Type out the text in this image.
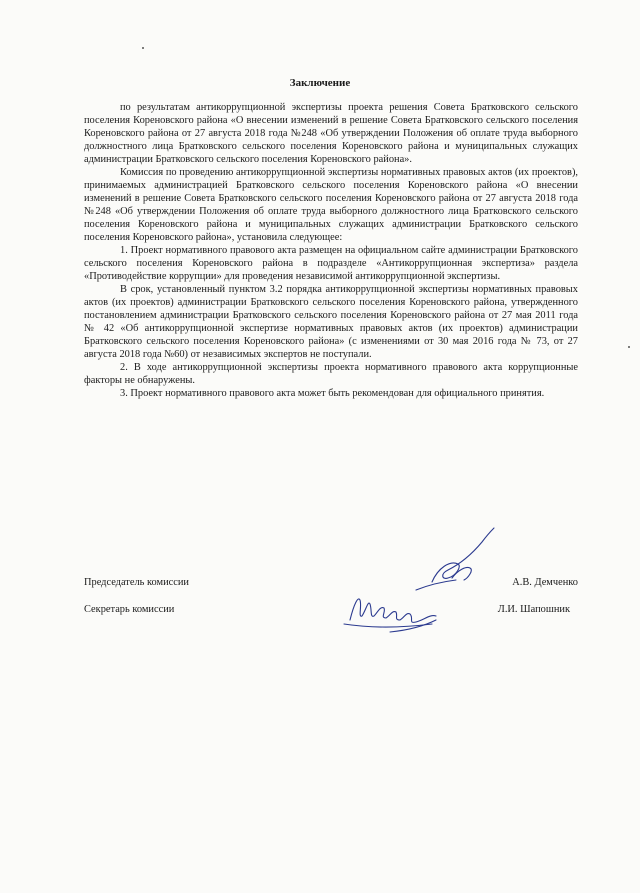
Заключение

по результатам антикоррупционной экспертизы проекта решения Совета Братковского сельского поселения Кореновского района «О внесении изменений в решение Совета Братковского сельского поселения Кореновского района от 27 августа 2018 года №248 «Об утверждении Положения об оплате труда выборного должностного лица Братковского сельского поселения Кореновского района и муниципальных служащих администрации Братковского сельского поселения Кореновского района».

Комиссия по проведению антикоррупционной экспертизы нормативных правовых актов (их проектов), принимаемых администрацией Братковского сельского поселения Кореновского района «О внесении изменений в решение Совета Братковского сельского поселения Кореновского района от 27 августа 2018 года №248 «Об утверждении Положения об оплате труда выборного должностного лица Братковского сельского поселения Кореновского района и муниципальных служащих администрации Братковского сельского поселения Кореновского района», установила следующее:

1. Проект нормативного правового акта размещен на официальном сайте администрации Братковского сельского поселения Кореновского района в подразделе «Антикоррупционная экспертиза» раздела «Противодействие коррупции» для проведения независимой антикоррупционной экспертизы.

В срок, установленный пунктом 3.2 порядка антикоррупционной экспертизы нормативных правовых актов (их проектов) администрации Братковского сельского поселения Кореновского района, утвержденного постановлением администрации Братковского сельского поселения Кореновского района от 27 мая 2011 года № 42 «Об антикоррупционной экспертизе нормативных правовых актов (их проектов) администрации Братковского сельского поселения Кореновского района» (с изменениями от 30 мая 2016 года № 73, от 27 августа 2018 года №60) от независимых экспертов не поступали.

2. В ходе антикоррупционной экспертизы проекта нормативного правового акта коррупционные факторы не обнаружены.

3. Проект нормативного правового акта может быть рекомендован для официального принятия.

Председатель комиссии	А.В. Демченко
Секретарь комиссии	Л.И. Шапошник
